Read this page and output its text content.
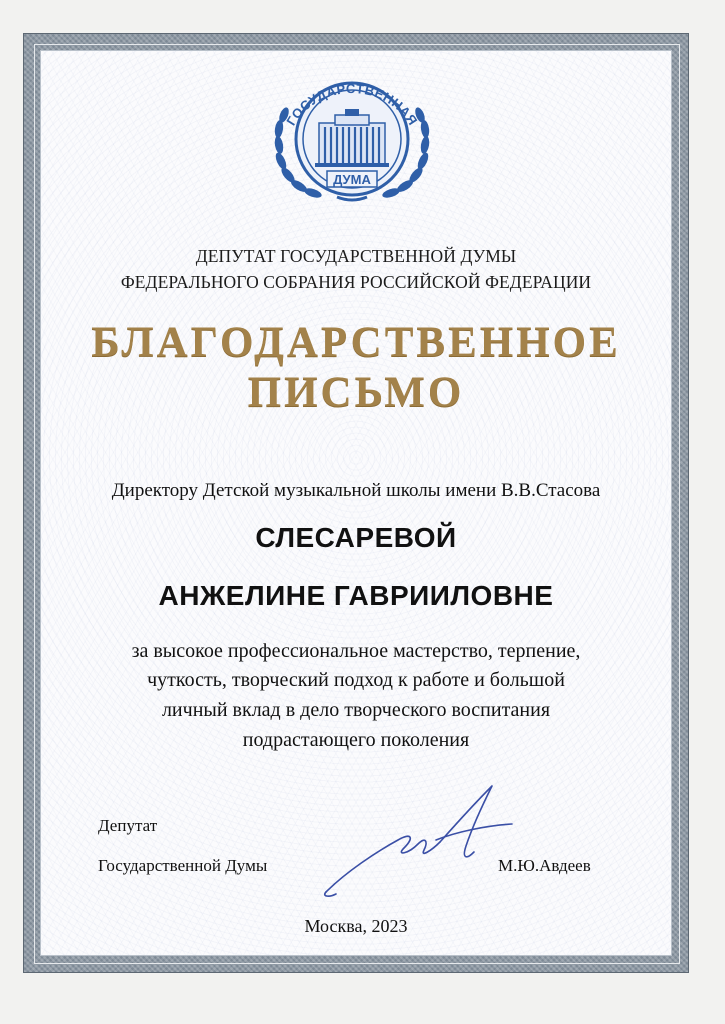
ГОСУДАРСТВЕННАЯ
ДУМА
ДЕПУТАТ ГОСУДАРСТВЕННОЙ ДУМЫ
ФЕДЕРАЛЬНОГО СОБРАНИЯ РОССИЙСКОЙ ФЕДЕРАЦИИ
БЛАГОДАРСТВЕННОЕ
ПИСЬМО
Директору Детской музыкальной школы имени В.В.Стасова
СЛЕСАРЕВОЙ
АНЖЕЛИНЕ ГАВРИИЛОВНЕ
за высокое профессиональное мастерство, терпение,
чуткость, творческий подход к работе и большой
личный вклад в дело творческого воспитания
подрастающего поколения
Депутат
Государственной Думы	М.Ю.Авдеев
Москва, 2023
